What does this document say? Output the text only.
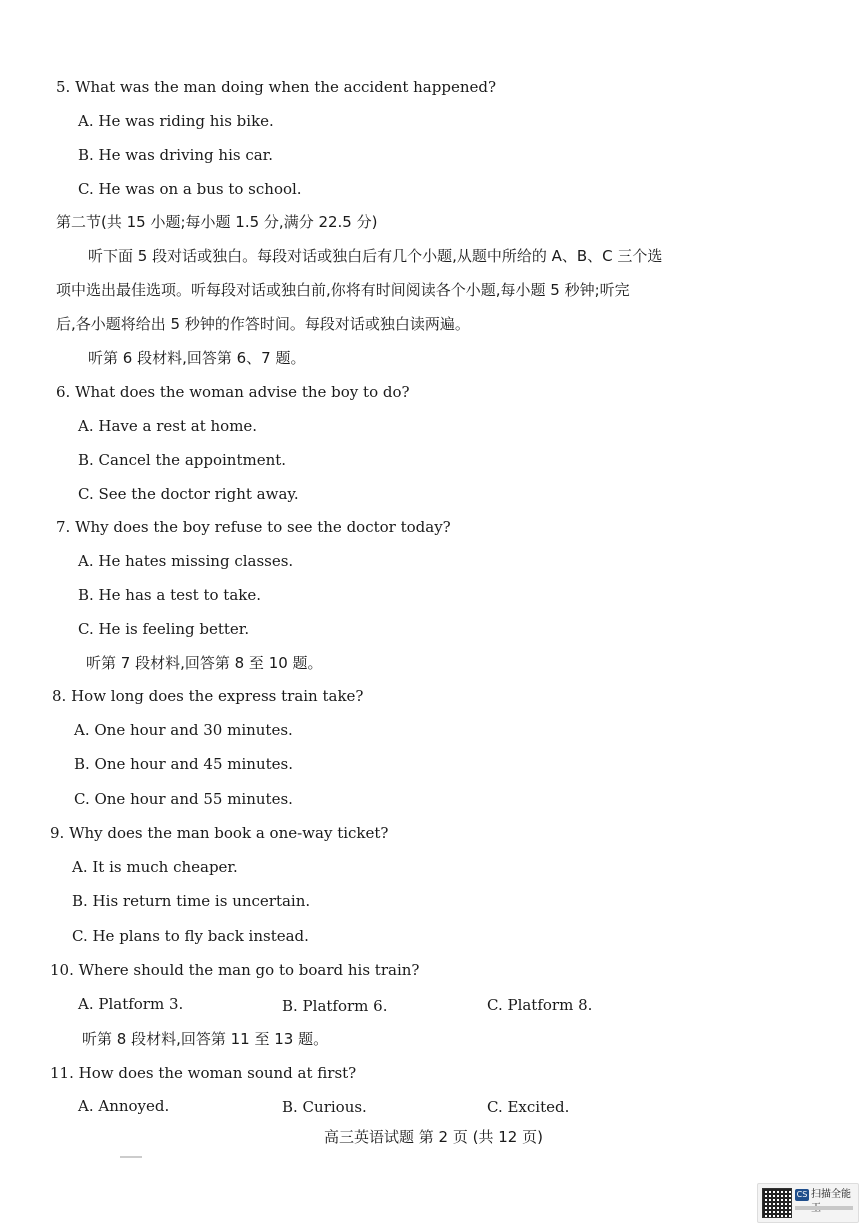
5. What was the man doing when the accident happened?
A. He was riding his bike.
B. He was driving his car.
C. He was on a bus to school.
第二节(共 15 小题;每小题 1.5 分,满分 22.5 分)
听下面 5 段对话或独白。每段对话或独白后有几个小题,从题中所给的 A、B、C 三个选
项中选出最佳选项。听每段对话或独白前,你将有时间阅读各个小题,每小题 5 秒钟;听完
后,各小题将给出 5 秒钟的作答时间。每段对话或独白读两遍。
听第 6 段材料,回答第 6、7 题。
6. What does the woman advise the boy to do?
A. Have a rest at home.
B. Cancel the appointment.
C. See the doctor right away.
7. Why does the boy refuse to see the doctor today?
A. He hates missing classes.
B. He has a test to take.
C. He is feeling better.
听第 7 段材料,回答第 8 至 10 题。
8. How long does the express train take?
A. One hour and 30 minutes.
B. One hour and 45 minutes.
C. One hour and 55 minutes.
9. Why does the man book a one-way ticket?
A. It is much cheaper.
B. His return time is uncertain.
C. He plans to fly back instead.
10. Where should the man go to board his train?
A. Platform 3.	B. Platform 6.	C. Platform 8.
听第 8 段材料,回答第 11 至 13 题。
11. How does the woman sound at first?
A. Annoyed.	B. Curious.	C. Excited.
高三英语试题 第 2 页 (共 12 页)
CS 扫描全能
